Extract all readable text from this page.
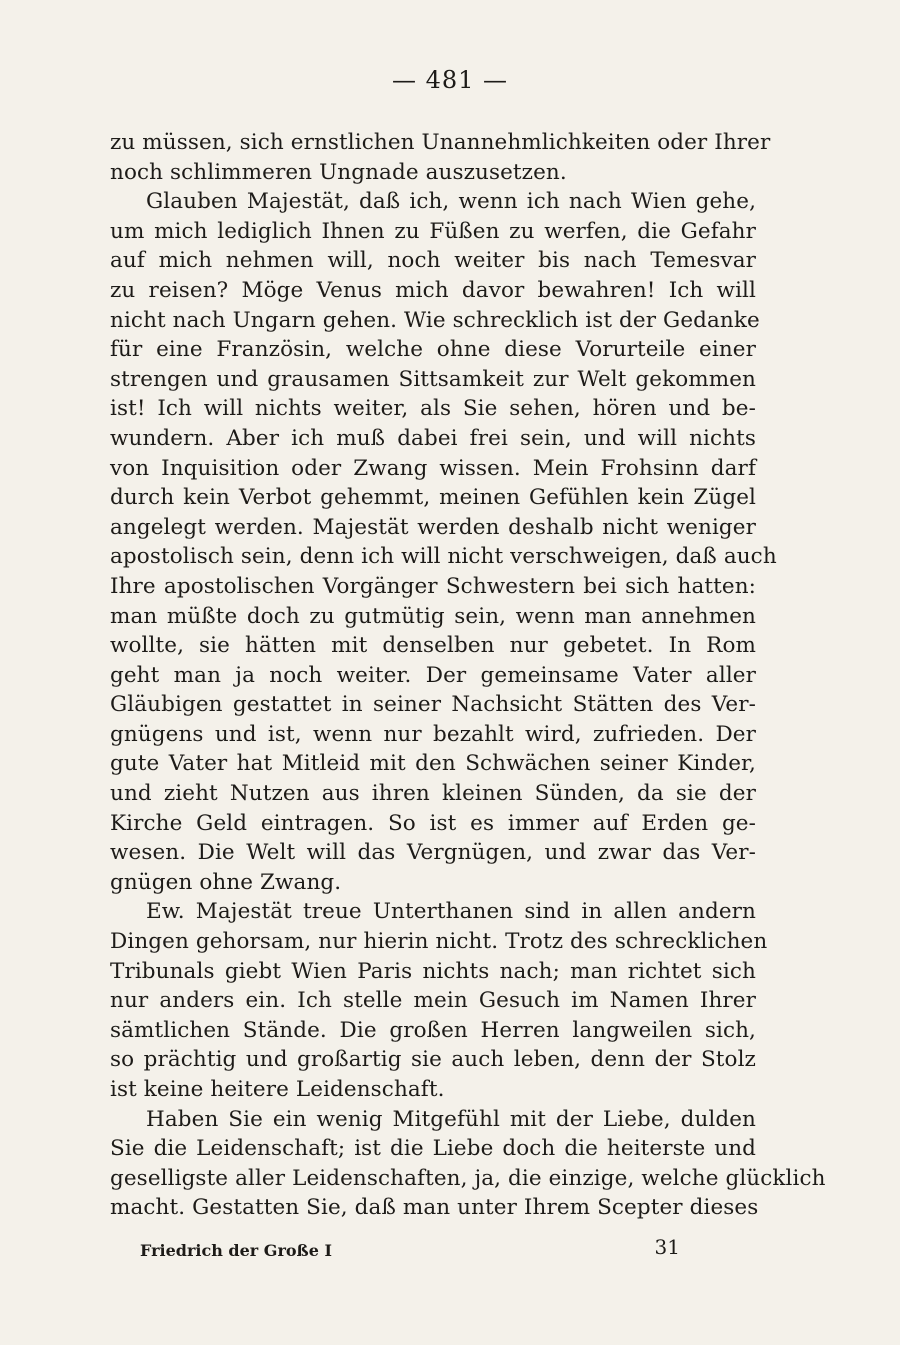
— 481 —
zu müssen, sich ernstlichen Unannehmlichkeiten oder Ihrer
noch schlimmeren Ungnade auszusetzen.
Glauben Majestät, daß ich, wenn ich nach Wien gehe,
um mich lediglich Ihnen zu Füßen zu werfen, die Gefahr
auf mich nehmen will, noch weiter bis nach Temesvar
zu reisen? Möge Venus mich davor bewahren! Ich will
nicht nach Ungarn gehen. Wie schrecklich ist der Gedanke
für eine Französin, welche ohne diese Vorurteile einer
strengen und grausamen Sittsamkeit zur Welt gekommen
ist! Ich will nichts weiter, als Sie sehen, hören und be-
wundern. Aber ich muß dabei frei sein, und will nichts
von Inquisition oder Zwang wissen. Mein Frohsinn darf
durch kein Verbot gehemmt, meinen Gefühlen kein Zügel
angelegt werden. Majestät werden deshalb nicht weniger
apostolisch sein, denn ich will nicht verschweigen, daß auch
Ihre apostolischen Vorgänger Schwestern bei sich hatten:
man müßte doch zu gutmütig sein, wenn man annehmen
wollte, sie hätten mit denselben nur gebetet. In Rom
geht man ja noch weiter. Der gemeinsame Vater aller
Gläubigen gestattet in seiner Nachsicht Stätten des Ver-
gnügens und ist, wenn nur bezahlt wird, zufrieden. Der
gute Vater hat Mitleid mit den Schwächen seiner Kinder,
und zieht Nutzen aus ihren kleinen Sünden, da sie der
Kirche Geld eintragen. So ist es immer auf Erden ge-
wesen. Die Welt will das Vergnügen, und zwar das Ver-
gnügen ohne Zwang.
Ew. Majestät treue Unterthanen sind in allen andern
Dingen gehorsam, nur hierin nicht. Trotz des schrecklichen
Tribunals giebt Wien Paris nichts nach; man richtet sich
nur anders ein. Ich stelle mein Gesuch im Namen Ihrer
sämtlichen Stände. Die großen Herren langweilen sich,
so prächtig und großartig sie auch leben, denn der Stolz
ist keine heitere Leidenschaft.
Haben Sie ein wenig Mitgefühl mit der Liebe, dulden
Sie die Leidenschaft; ist die Liebe doch die heiterste und
geselligste aller Leidenschaften, ja, die einzige, welche glücklich
macht. Gestatten Sie, daß man unter Ihrem Scepter dieses
Friedrich der Große I	31
